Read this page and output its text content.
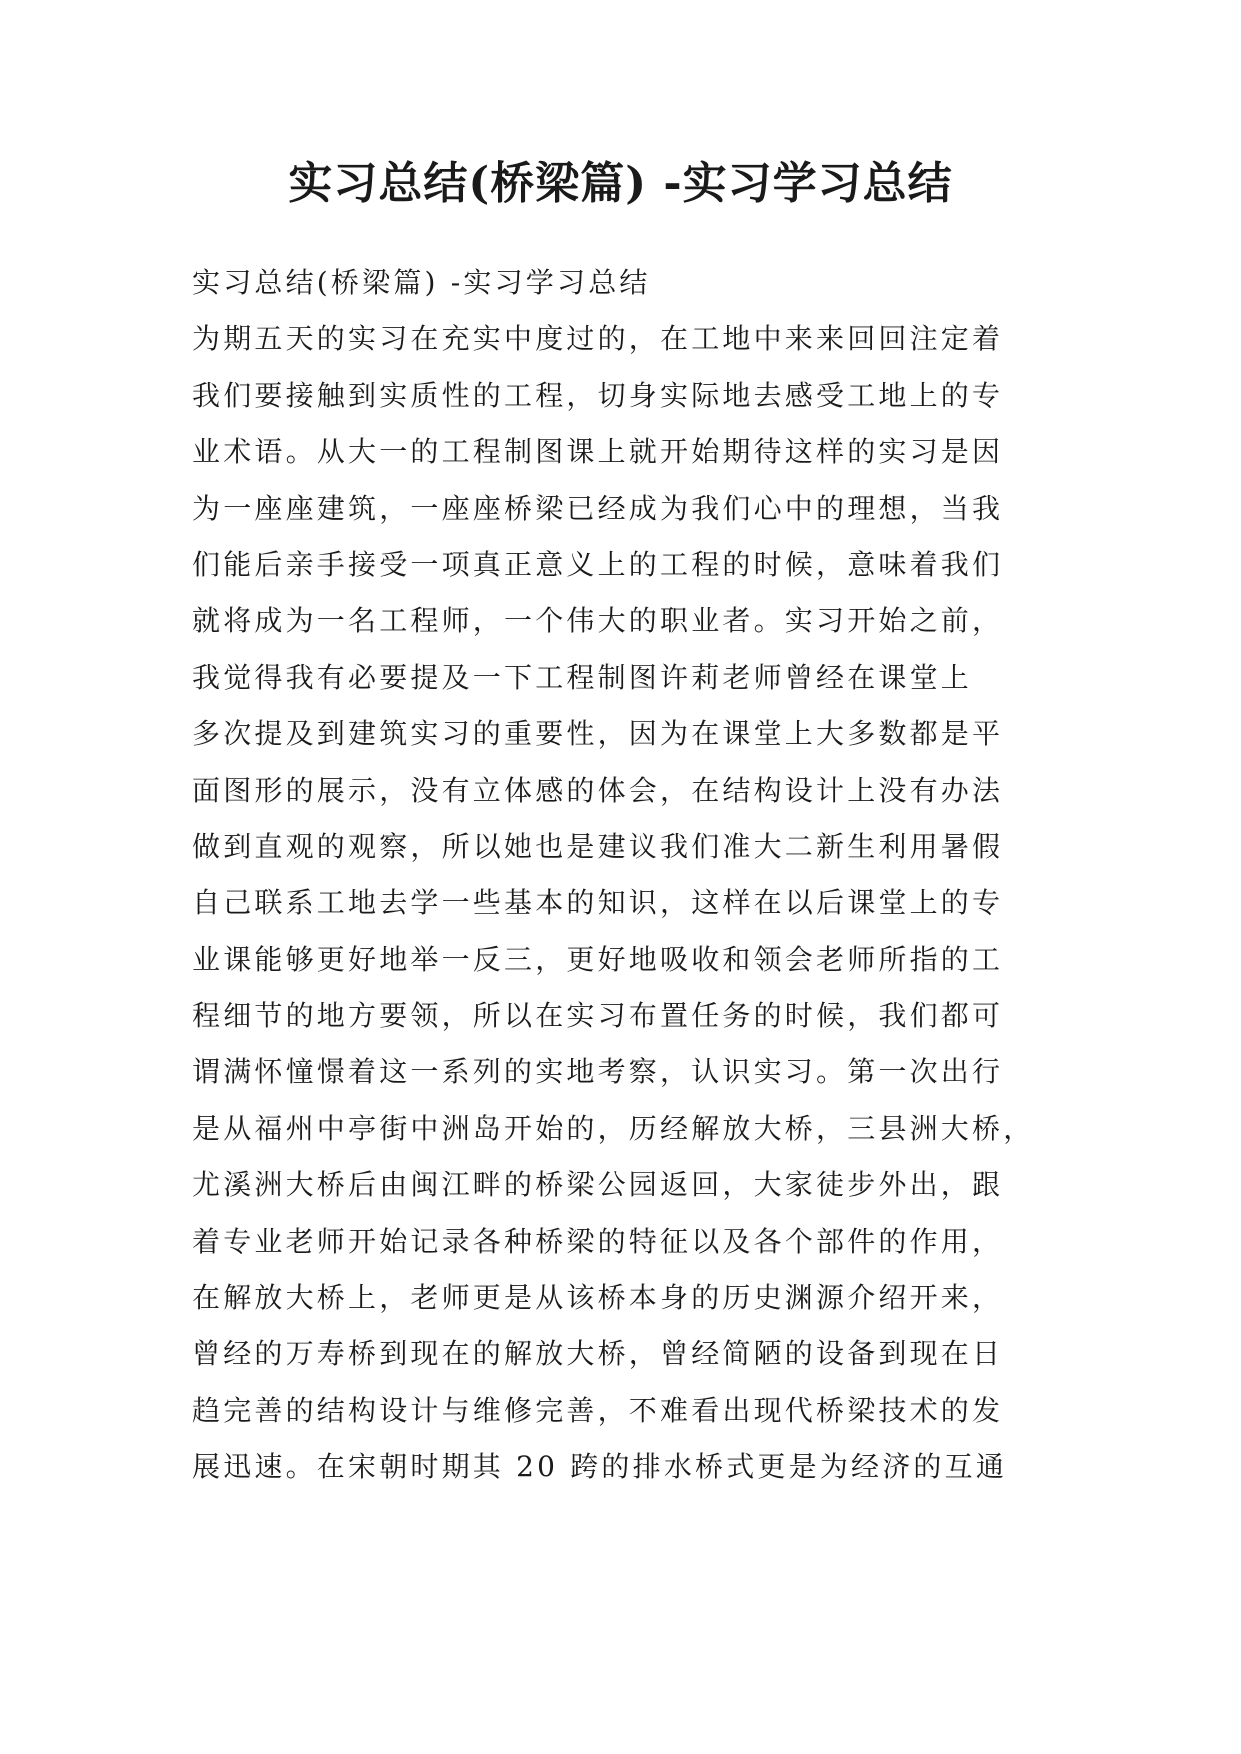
实习总结(桥梁篇) -实习学习总结
实习总结(桥梁篇) -实习学习总结
为期五天的实习在充实中度过的，在工地中来来回回注定着
我们要接触到实质性的工程，切身实际地去感受工地上的专
业术语。从大一的工程制图课上就开始期待这样的实习是因
为一座座建筑，一座座桥梁已经成为我们心中的理想，当我
们能后亲手接受一项真正意义上的工程的时候，意味着我们
就将成为一名工程师，一个伟大的职业者。实习开始之前，
我觉得我有必要提及一下工程制图许莉老师曾经在课堂上
多次提及到建筑实习的重要性，因为在课堂上大多数都是平
面图形的展示，没有立体感的体会，在结构设计上没有办法
做到直观的观察，所以她也是建议我们准大二新生利用暑假
自己联系工地去学一些基本的知识，这样在以后课堂上的专
业课能够更好地举一反三，更好地吸收和领会老师所指的工
程细节的地方要领，所以在实习布置任务的时候，我们都可
谓满怀憧憬着这一系列的实地考察，认识实习。第一次出行
是从福州中亭街中洲岛开始的，历经解放大桥，三县洲大桥，
尤溪洲大桥后由闽江畔的桥梁公园返回，大家徒步外出，跟
着专业老师开始记录各种桥梁的特征以及各个部件的作用，
在解放大桥上，老师更是从该桥本身的历史渊源介绍开来，
曾经的万寿桥到现在的解放大桥，曾经简陋的设备到现在日
趋完善的结构设计与维修完善，不难看出现代桥梁技术的发
展迅速。在宋朝时期其 20 跨的排水桥式更是为经济的互通
